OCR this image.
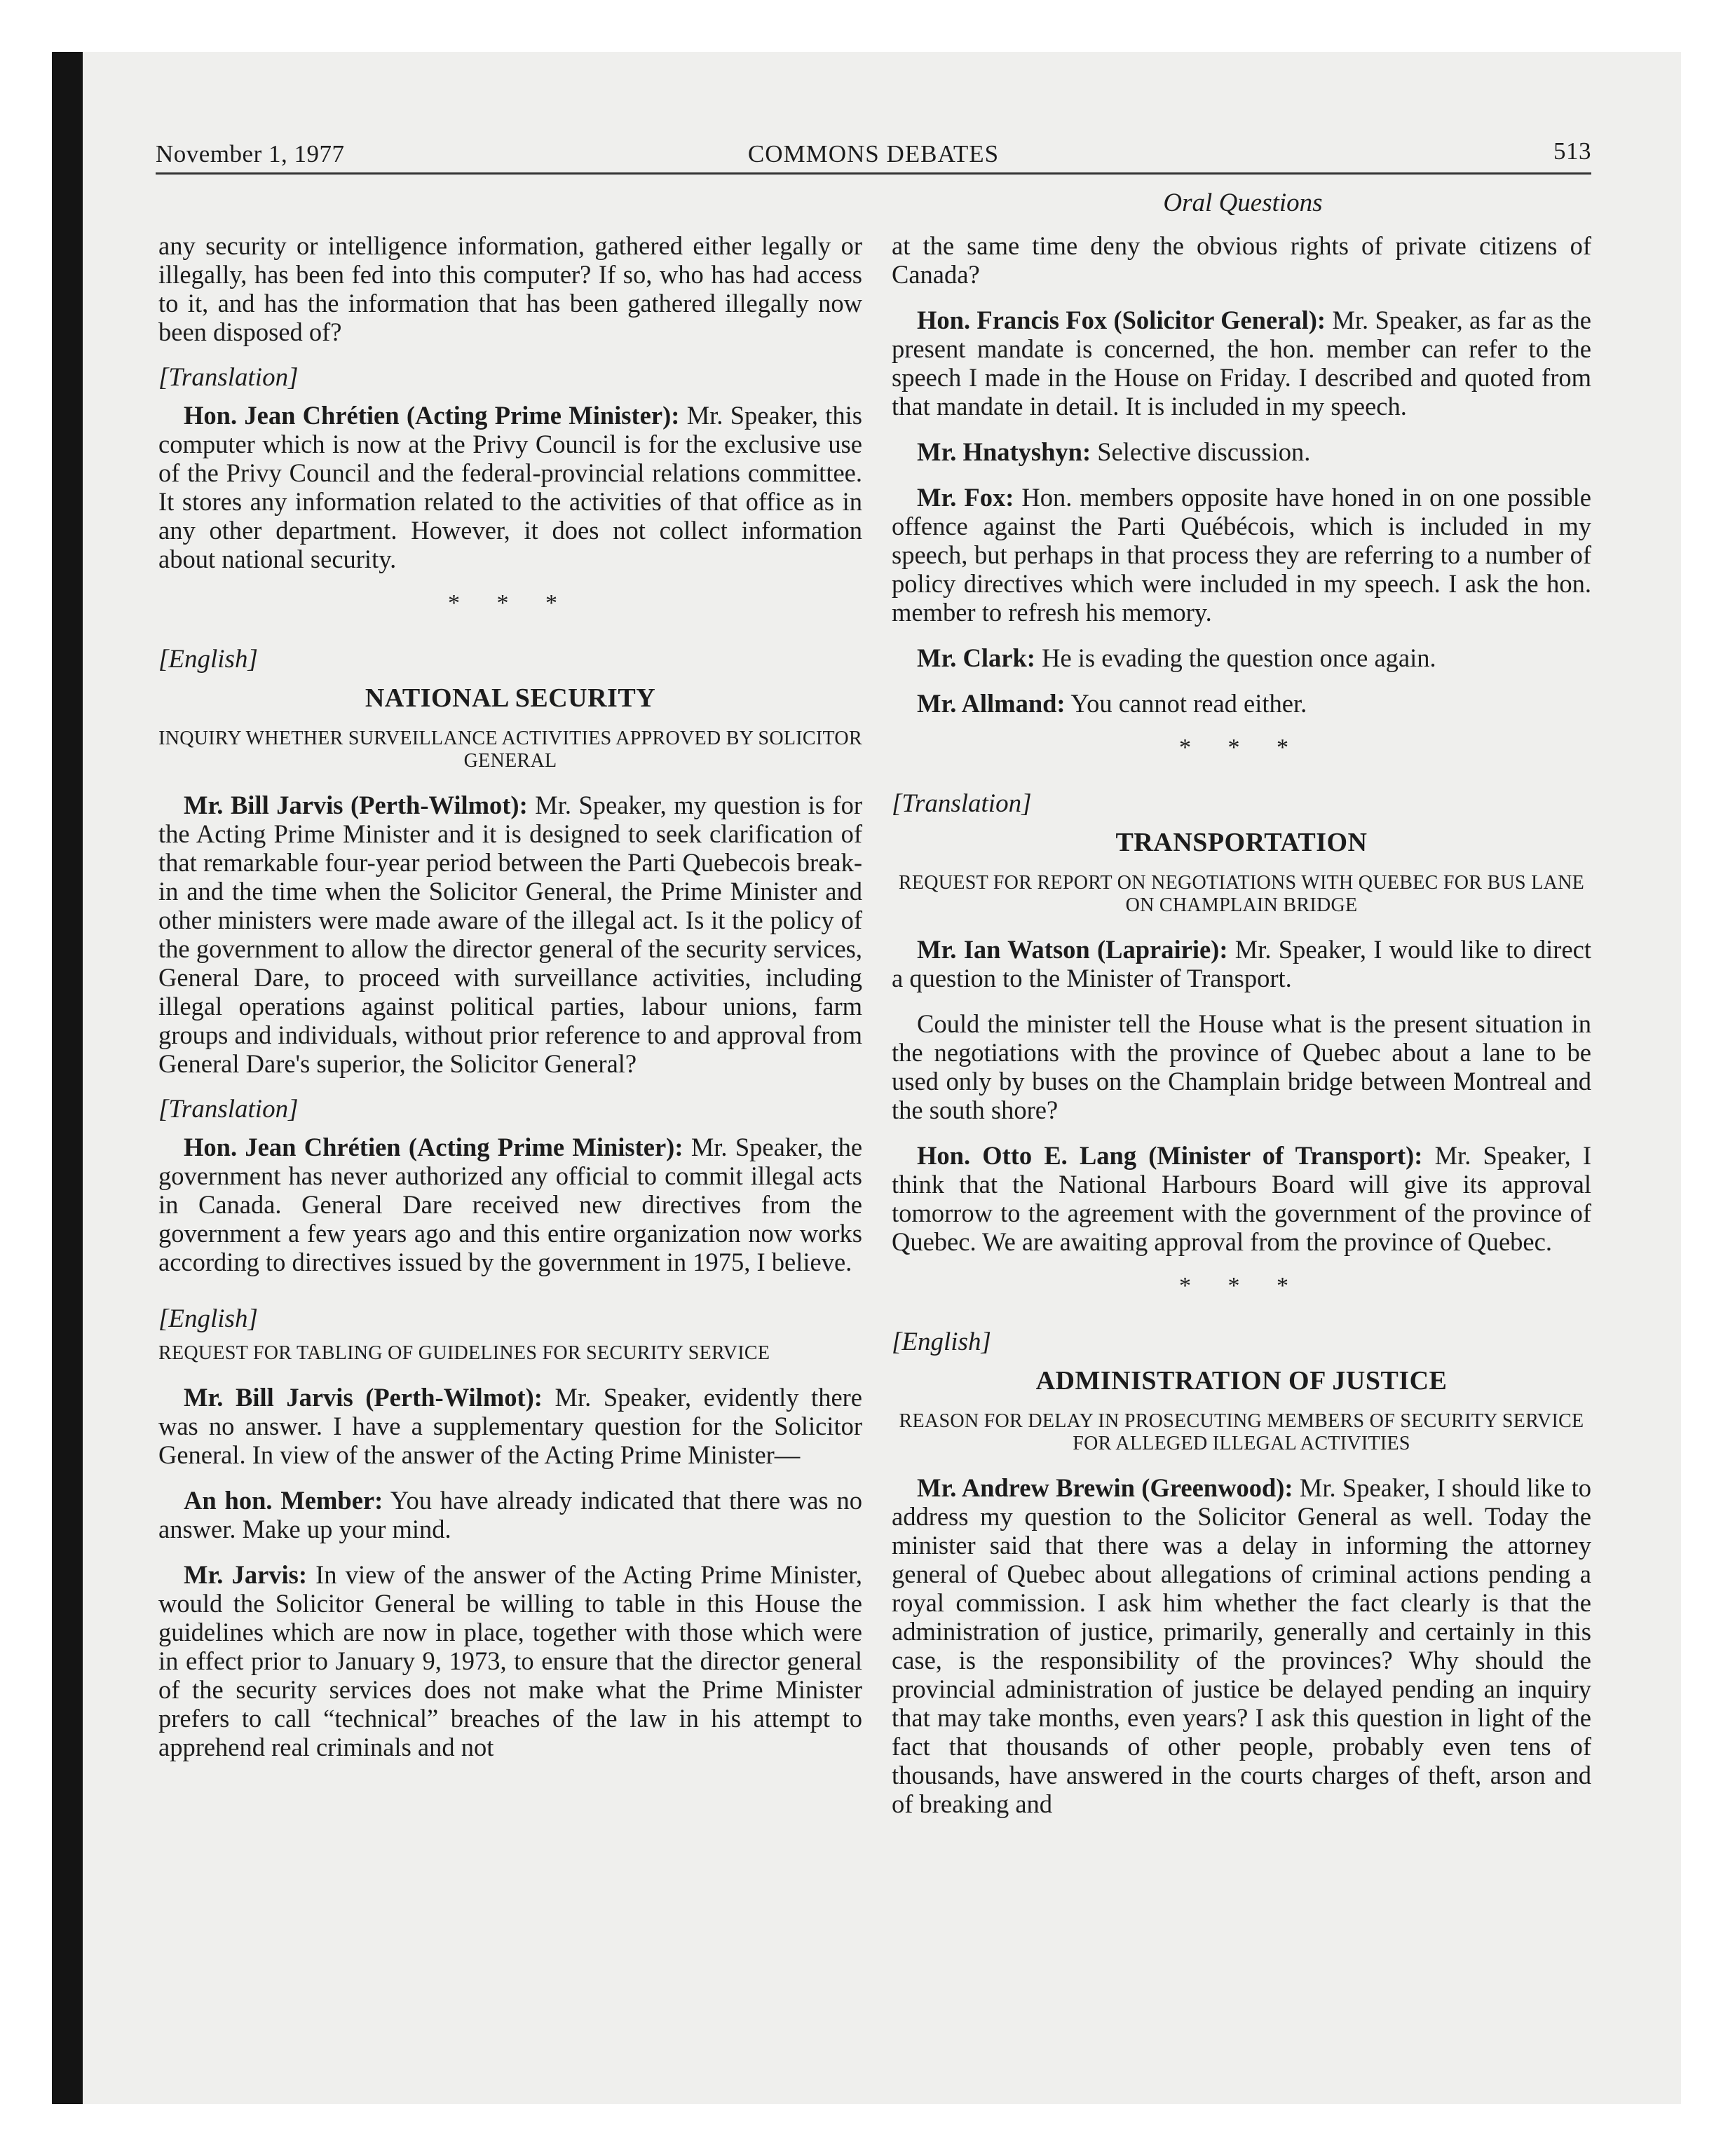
November 1, 1977	COMMONS DEBATES	513
Oral Questions

any security or intelligence information, gathered either legally or illegally, has been fed into this computer? If so, who has had access to it, and has the information that has been gathered illegally now been disposed of?

[Translation]

Hon. Jean Chrétien (Acting Prime Minister): Mr. Speaker, this computer which is now at the Privy Council is for the exclusive use of the Privy Council and the federal-provincial relations committee. It stores any information related to the activities of that office as in any other department. However, it does not collect information about national security.

* * *
[English]
NATIONAL SECURITY
INQUIRY WHETHER SURVEILLANCE ACTIVITIES APPROVED BY SOLICITOR GENERAL

Mr. Bill Jarvis (Perth-Wilmot): Mr. Speaker, my question is for the Acting Prime Minister and it is designed to seek clarification of that remarkable four-year period between the Parti Quebecois break-in and the time when the Solicitor General, the Prime Minister and other ministers were made aware of the illegal act. Is it the policy of the government to allow the director general of the security services, General Dare, to proceed with surveillance activities, including illegal operations against political parties, labour unions, farm groups and individuals, without prior reference to and approval from General Dare's superior, the Solicitor General?

[Translation]

Hon. Jean Chrétien (Acting Prime Minister): Mr. Speaker, the government has never authorized any official to commit illegal acts in Canada. General Dare received new directives from the government a few years ago and this entire organization now works according to directives issued by the government in 1975, I believe.

[English]
REQUEST FOR TABLING OF GUIDELINES FOR SECURITY SERVICE

Mr. Bill Jarvis (Perth-Wilmot): Mr. Speaker, evidently there was no answer. I have a supplementary question for the Solicitor General. In view of the answer of the Acting Prime Minister—

An hon. Member: You have already indicated that there was no answer. Make up your mind.

Mr. Jarvis: In view of the answer of the Acting Prime Minister, would the Solicitor General be willing to table in this House the guidelines which are now in place, together with those which were in effect prior to January 9, 1973, to ensure that the director general of the security services does not make what the Prime Minister prefers to call “technical” breaches of the law in his attempt to apprehend real criminals and not

at the same time deny the obvious rights of private citizens of Canada?

Hon. Francis Fox (Solicitor General): Mr. Speaker, as far as the present mandate is concerned, the hon. member can refer to the speech I made in the House on Friday. I described and quoted from that mandate in detail. It is included in my speech.

Mr. Hnatyshyn: Selective discussion.

Mr. Fox: Hon. members opposite have honed in on one possible offence against the Parti Québécois, which is included in my speech, but perhaps in that process they are referring to a number of policy directives which were included in my speech. I ask the hon. member to refresh his memory.

Mr. Clark: He is evading the question once again.

Mr. Allmand: You cannot read either.

* * *
[Translation]
TRANSPORTATION
REQUEST FOR REPORT ON NEGOTIATIONS WITH QUEBEC FOR BUS LANE ON CHAMPLAIN BRIDGE

Mr. Ian Watson (Laprairie): Mr. Speaker, I would like to direct a question to the Minister of Transport.

Could the minister tell the House what is the present situation in the negotiations with the province of Quebec about a lane to be used only by buses on the Champlain bridge between Montreal and the south shore?

Hon. Otto E. Lang (Minister of Transport): Mr. Speaker, I think that the National Harbours Board will give its approval tomorrow to the agreement with the government of the province of Quebec. We are awaiting approval from the province of Quebec.

* * *
[English]
ADMINISTRATION OF JUSTICE
REASON FOR DELAY IN PROSECUTING MEMBERS OF SECURITY SERVICE FOR ALLEGED ILLEGAL ACTIVITIES

Mr. Andrew Brewin (Greenwood): Mr. Speaker, I should like to address my question to the Solicitor General as well. Today the minister said that there was a delay in informing the attorney general of Quebec about allegations of criminal actions pending a royal commission. I ask him whether the fact clearly is that the administration of justice, primarily, generally and certainly in this case, is the responsibility of the provinces? Why should the provincial administration of justice be delayed pending an inquiry that may take months, even years? I ask this question in light of the fact that thousands of other people, probably even tens of thousands, have answered in the courts charges of theft, arson and of breaking and
